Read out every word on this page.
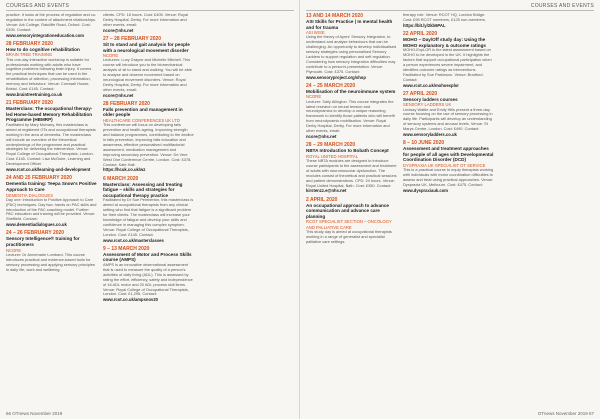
COURSES AND EVENTS
practice. It looks at the process of regulation and co-regulation in the context of attachment relationships. Venue: Ark College, Ratcliffe Road, Oxford. Cost: £395. Contact:
www.sensoryintegrationeducation.com
28 FEBRUARY 2020
How to do cognitive rehabilitation
BRAIN TREE TRAINING
This one-day interactive workshop is suitable for professionals working with adults who have cognitive problems following brain injury. It covers the practical techniques that can be used in the rehabilitation of attention, processing information, memory and behaviour. Venue: Cornwall House, Bristol. Cost: £145. Contact:
www.braintreetraining.co.uk
21 FEBRUARY 2020
Masterclass: The occupational therapy-led Home-based Memory Rehabilitation Programme (HBMRP)
Facilitated by Mary Mulvany, this masterclass is aimed at registered OTs and occupational therapists working in the area of dementia. The masterclass will include an overview of the theoretical underpinnings of the programme and practical strategies for delivering the intervention. Venue: Royal College of Occupational Therapists, London. Cost: £145. Contact: Lisa McGuire, Learning and Development Officer
www.rcot.co.uk/learning-and-development
24 AND 25 FEBRUARY 2020
Dementia training: Teepa Snow's Positive Approach to Care
DEMENTIA DIALOGUES
Day one: introduction to Positive Approach to Care (PAC) techniques. Day two: hands on PAC skills and introduction of the PAC coaching model. Further PAC education and training will be provided. Venue: Sheffield. Contact:
www.dementiadialogues.co.uk
24 – 26 FEBRUARY 2020
Sensory Intelligence® training for practitioners
NCORE
Lecturer: Dr Annemarie Lombard. This course introduces practical and evidence-based tools for sensory processing and applying sensory principles in daily life, work and wellbeing.
clients. CPD: 16 hours. Cost: £405. Venue: Royal Derby Hospital, Derby. For more information and other events, email:
ncore@nhs.net
27 – 28 FEBRUARY 2020
Sit to stand and gait analysis for people with a neurological movement disorder
NCORE
Lecturers: Lucy Grayne and Michelle Mitchell. This course will introduce you to the biomechanical analysis of sit to stand and walking. You will be able to analyse and observe movement based on neurological movement disorders. Venue: Royal Derby Hospital, Derby. For more information and other events, email:
ncore@nhs.net
28 FEBRUARY 2020
Falls prevention and management in older people
HEALTHCARE CONFERENCES UK LTD
This conference will focus on developing falls prevention and health ageing. Improving strength and balance programmes, contributing to the decline in falls prevention, improving falls education and awareness, effective personalised multifactorial assessment, medication management and improving secondary prevention. Venue: De Vere West One Conference Centre, London. Cost: £378. Contact: Kate Hall:
https://hcuk.co.uk/wz
6 MARCH 2020
Masterclass: Assessing and treating fatigue – skills and strategies for occupational therapy practice
Facilitated by Dr Sue Pemberton, this masterclass is aimed at occupational therapists from any clinical setting who find that fatigue is a significant problem for their clients. The masterclass will increase your knowledge of fatigue and develop your skills and confidence in managing this complex symptom. Venue: Royal College of Occupational Therapists, London. Cost: £145. Contact:
www.rcot.co.uk/masterclasses
9 – 13 MARCH 2020
Assessment of Motor and Process Skills course (AMPS)
AMPS is an innovative observational assessment that is used to measure the quality of a person's activities of daily living (ADL). This is assessed by rating the effort, efficiency, safety and independence of 16 ADL motor and 20 ADL process skill items. Venue: Royal College of Occupational Therapists, London. Cost: £1,295. Contact:
www.rcot.co.uk/ampsnov20
66 OTnews November 2019
COURSES AND EVENTS
13 AND 14 MARCH 2020
ASI Skills for Practice | In mental health and for trauma
ASI WISE
Using the theory of Ayres' Sensory Integration, to understand and analyse behaviours that can be challenging. An opportunity to develop individualised sensory strategies using personalised Sensory Ladders to support regulation and self-regulation. Considering how sensory integration difficulties may contribute to a person's presentation. Venue: Plymouth. Cost: £375. Contact:
www.sensoryproject.org/shop
24 – 25 MARCH 2020
Mobilisation of the neuroimmune system
NCORE
Lecturer: Sally Allington. This course integrates the latest research on neural tension and neurodynamics to develop a unique reasoning framework to identify those patients who will benefit from neurodynamic mobilisation. Venue: Royal Derby Hospital, Derby. For more information and other events, email:
ncore@nhs.net
28 – 29 MARCH 2020
NBTA Introduction to Bobath Concept
ROYAL UNITED HOSPITAL
These NBTA modules are designed to introduce course participants to the assessment and treatment of adults with neuromuscular dysfunction. The modules consist of theoretical and practical sessions and patient demonstrations. CPD: 24 hours. Venue: Royal United Hospital, Bath. Cost: £350. Contact:
kirstenzz.e@nhs.net
2 APRIL 2020
An occupational approach to advance communication and advance care planning
RCOT SPECIALIST SECTION – ONCOLOGY AND PALLIATIVE CARE
This study day is aimed at occupational therapists working in a range of generalist and specialist palliative care settings.
therapy role. Venue: RCOT HQ, London Bridge. Cost: £95 RCOT members, £125 non-members.
https://bit.ly/2kb6PAL
22 APRIL 2020
MOHO – Day/Off study day: Using the MOHO explanatory & outcome ratings
MOHO-ExpLOR is the latest assessment based on MOHO to be developed in the UK. It highlights the factors that support occupational participation when a person experiences severe impairment, and identifies outcome ratings as interventions. Facilitated by Sue Parkinson. Venue: Bradford. Contact:
www.rcot.co.uk/mohoexplor
27 APRIL 2020
Sensory ladders courses
SENSORY LADDERS UK
Lindsay Wattle and Emily Hills present a three-day course focusing on the use of sensory processing in daily life. Participants will develop an understanding of sensory systems and arousal levels. Venue: St Marys Centre, London. Cost: £490. Contact:
www.sensoryladders.co.uk
8 – 10 JUNE 2020
Assessment and treatment approaches for people of all ages with Developmental Coordination Disorder (DCD)
DYSPRAXIA UK SPECIALIST OT SERVICE
This is a practical course to equip therapists working with individuals with motor coordination difficulties to assess and treat using practical approaches. Venue: Dyspraxia UK, Melbourn. Cost: £475. Contact:
www.dyspraxiauk.com
OTnews November 2019 67
